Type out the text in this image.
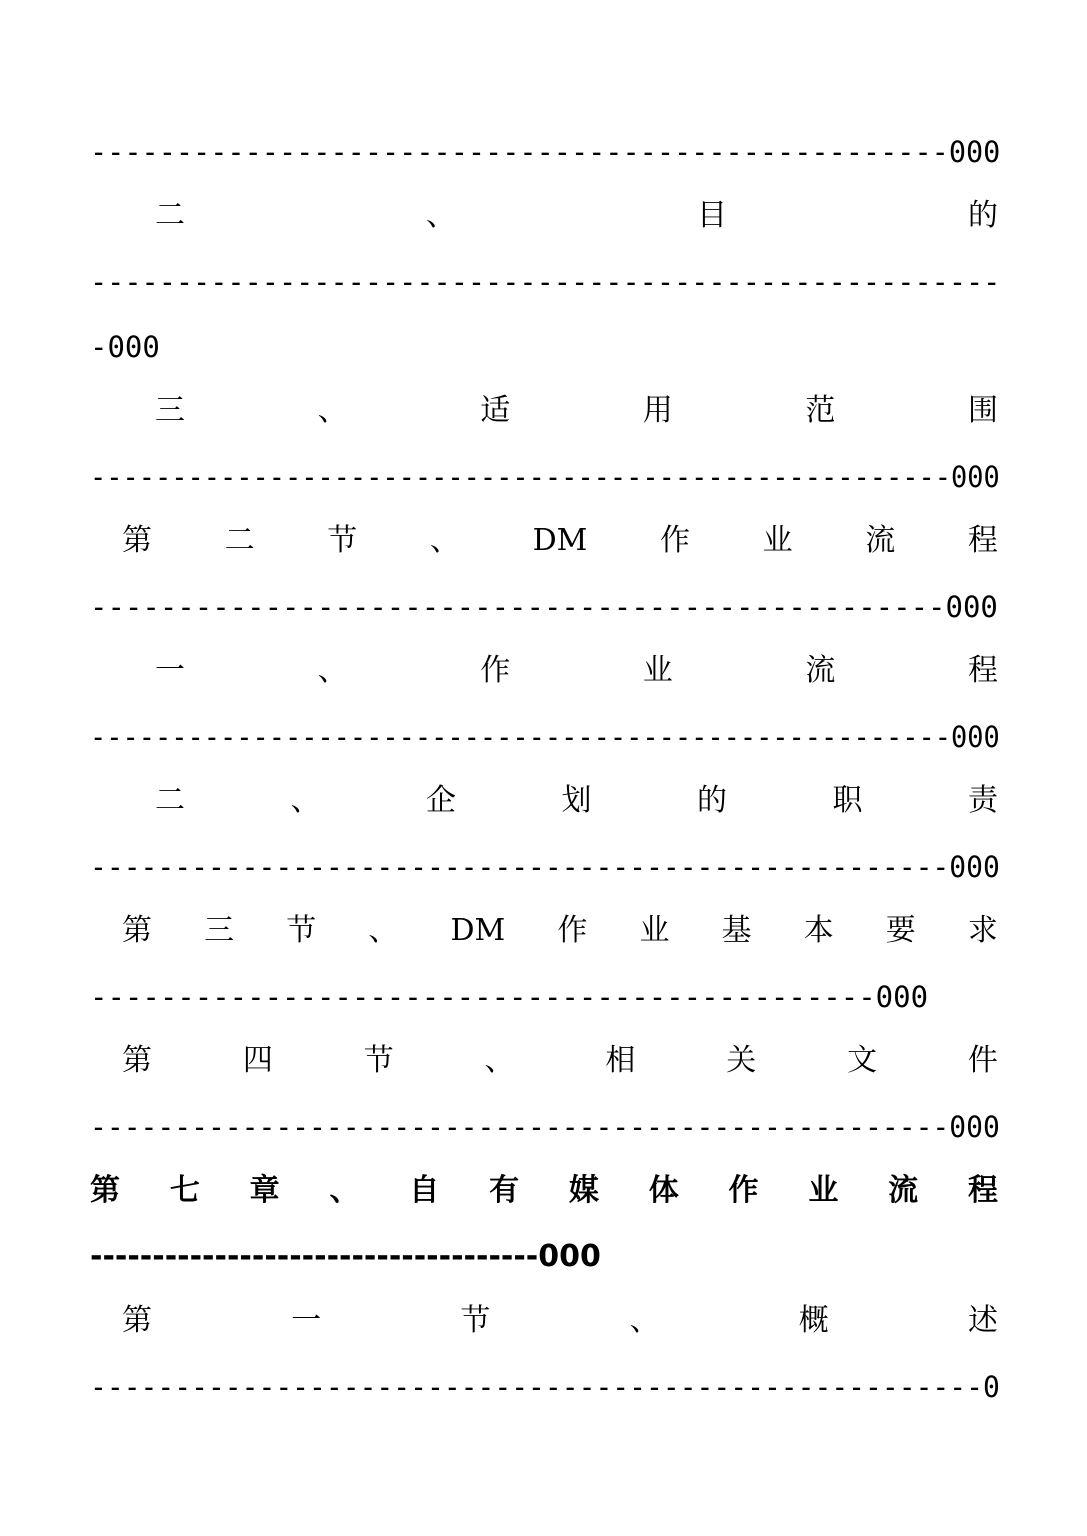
--------------------------------------------------000
二	、	目	的
-----------------------------------------------------
-000
三	、	适	用	范	围
-----------------------------------------------------000
第 二 节 、 DM 作 业 流 程
-------------------------------------------------000
一	、	作	业	流	程
-----------------------------------------------------000
二	、	企	划	的	职	责
---------------------------------------------------000
第 三 节 、 DM 作 业 基 本 要 求
---------------------------------------------000
第	四	节	、	相	关	文	件
---------------------------------------------------000
第 七 章 、 自 有 媒 体 作 业 流 程
------------------------------------000
第	一	节	、	概	述
-----------------------------------------------------0
